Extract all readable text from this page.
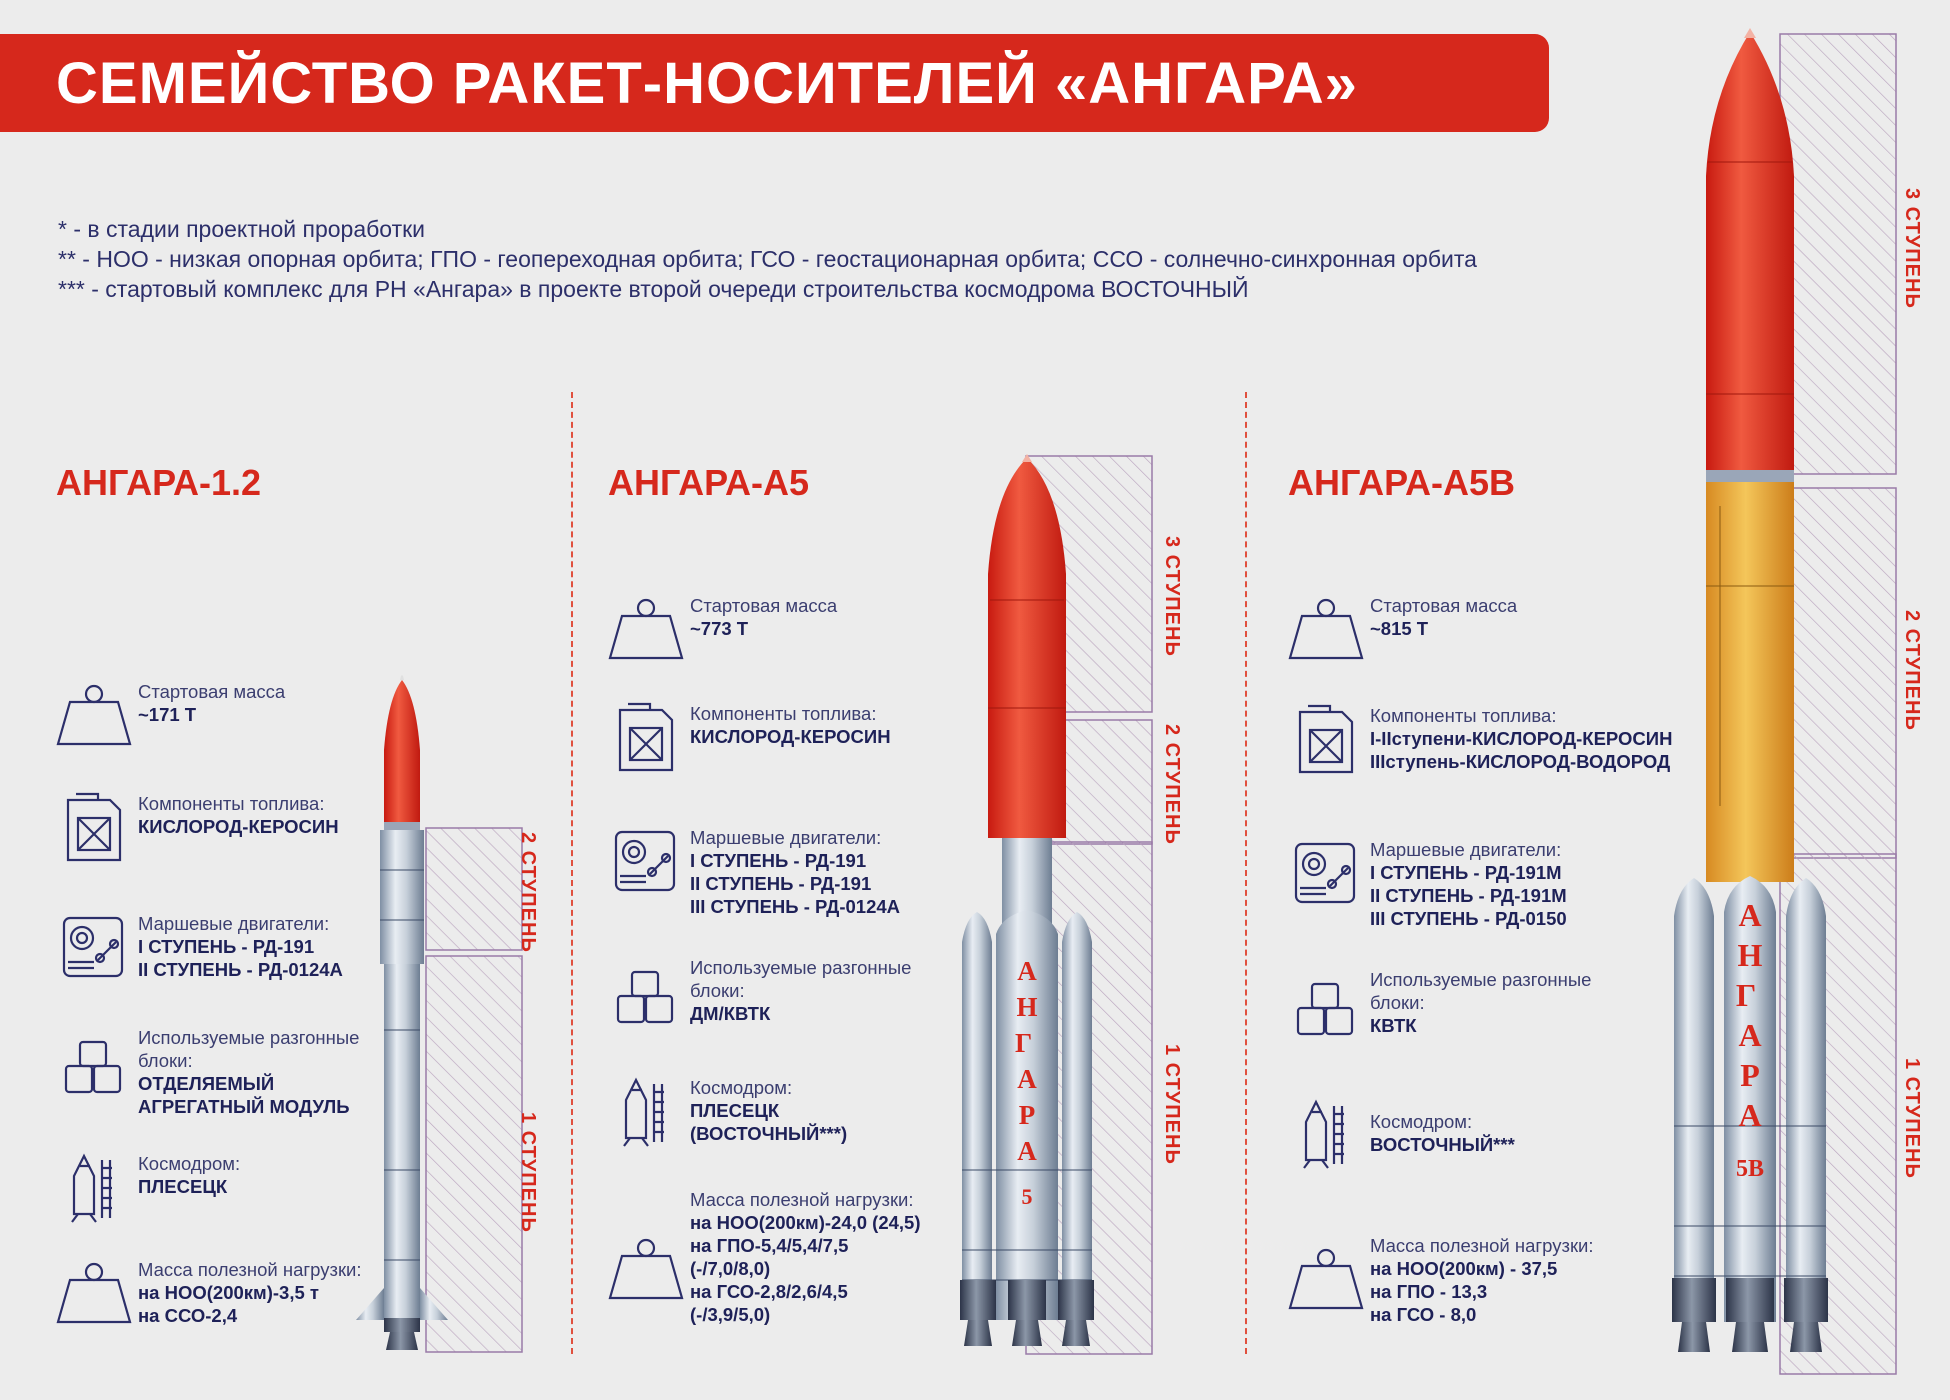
СЕМЕЙСТВО РАКЕТ-НОСИТЕЛЕЙ «АНГАРА»
* - в стадии проектной проработки
** - НОО - низкая опорная орбита; ГПО - геопереходная орбита; ГСО - геостационарная орбита; ССО - солнечно-синхронная орбита
*** - стартовый комплекс для РН «Ангара» в проекте второй очереди строительства космодрома ВОСТОЧНЫЙ
АНГАРА-1.2	АНГАРА-А5	АНГАРА-А5В
Стартовая масса
~171 Т
Компоненты топлива:
КИСЛОРОД-КЕРОСИН
Маршевые двигатели:
I СТУПЕНЬ - РД-191
II СТУПЕНЬ - РД-0124А
Используемые разгонные блоки:
ОТДЕЛЯЕМЫЙ
АГРЕГАТНЫЙ МОДУЛЬ
Космодром:
ПЛЕСЕЦК
Масса полезной нагрузки:
на НОО(200км)-3,5 т
на ССО-2,4
2 СТУПЕНЬ
1 СТУПЕНЬ
Стартовая масса
~773 Т
Компоненты топлива:
КИСЛОРОД-КЕРОСИН
Маршевые двигатели:
I СТУПЕНЬ - РД-191
II СТУПЕНЬ - РД-191
III СТУПЕНЬ - РД-0124А
Используемые разгонные блоки:
ДМ/КВТК
Космодром:
ПЛЕСЕЦК
(ВОСТОЧНЫЙ***)
Масса полезной нагрузки:
на НОО(200км)-24,0 (24,5)
на ГПО-5,4/5,4/7,5
(-/7,0/8,0)
на ГСО-2,8/2,6/4,5
(-/3,9/5,0)
А Н Г А Р А
5
3 СТУПЕНЬ
2 СТУПЕНЬ
1 СТУПЕНЬ
Стартовая масса
~815 Т
Компоненты топлива:
I-IIступени-КИСЛОРОД-КЕРОСИН
IIIступень-КИСЛОРОД-ВОДОРОД
Маршевые двигатели:
I СТУПЕНЬ - РД-191М
II СТУПЕНЬ - РД-191М
III СТУПЕНЬ - РД-0150
Используемые разгонные блоки:
КВТК
Космодром:
ВОСТОЧНЫЙ***
Масса полезной нагрузки:
на НОО(200км) - 37,5
на ГПО - 13,3
на ГСО - 8,0
А Н Г А Р А
5В
3 СТУПЕНЬ
2 СТУПЕНЬ
1 СТУПЕНЬ
